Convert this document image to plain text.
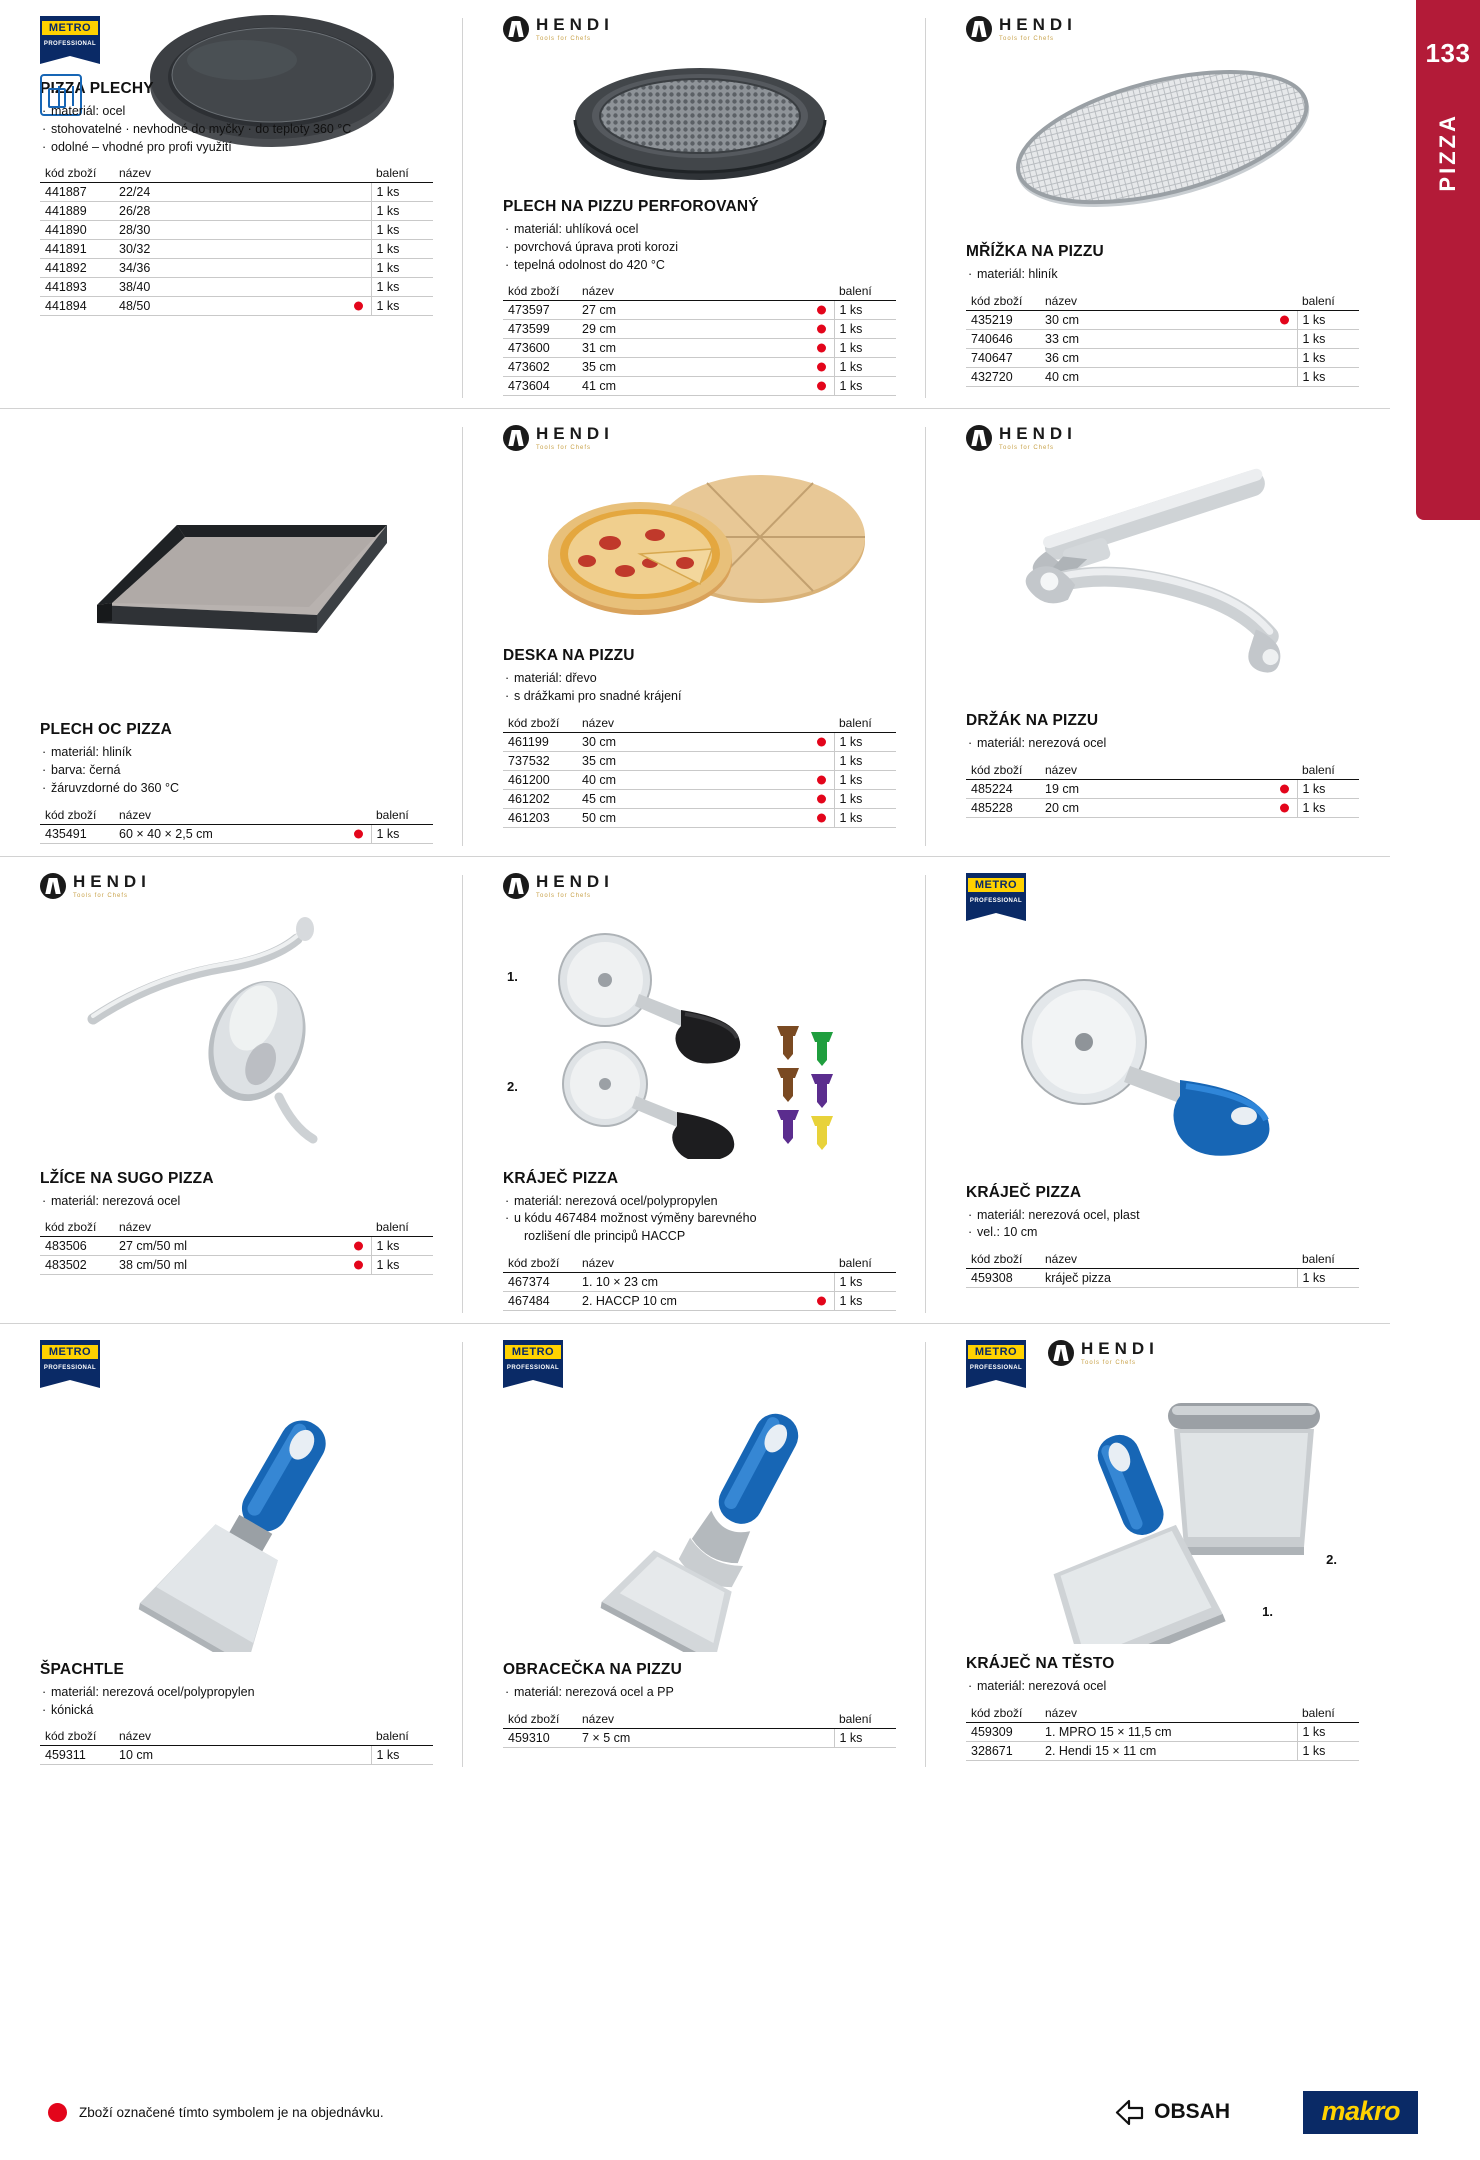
133
PIZZA
METRO
PROFESSIONAL
PIZZA PLECHY
· materiál: ocel
· stohovatelné · nevhodné do myčky · do teploty 360 °C
· odolné – vhodné pro profi využití
kód zboží	název	balení
441887	22/24	1 ks
441889	26/28	1 ks
441890	28/30	1 ks
441891	30/32	1 ks
441892	34/36	1 ks
441893	38/40	1 ks
441894	48/50	1 ks
HENDI
Tools for Chefs
PLECH NA PIZZU PERFOROVANÝ
· materiál: uhlíková ocel
· povrchová úprava proti korozi
· tepelná odolnost do 420 °C
kód zboží	název	balení
473597	27 cm	1 ks
473599	29 cm	1 ks
473600	31 cm	1 ks
473602	35 cm	1 ks
473604	41 cm	1 ks
HENDI
Tools for Chefs
MŘÍŽKA NA PIZZU
· materiál: hliník
kód zboží	název	balení
435219	30 cm	1 ks
740646	33 cm	1 ks
740647	36 cm	1 ks
432720	40 cm	1 ks
PLECH OC PIZZA
· materiál: hliník
· barva: černá
· žáruvzdorné do 360 °C
kód zboží	název	balení
435491	60 × 40 × 2,5 cm	1 ks
HENDI
Tools for Chefs
DESKA NA PIZZU
· materiál: dřevo
· s drážkami pro snadné krájení
kód zboží	název	balení
461199	30 cm	1 ks
737532	35 cm	1 ks
461200	40 cm	1 ks
461202	45 cm	1 ks
461203	50 cm	1 ks
HENDI
Tools for Chefs
DRŽÁK NA PIZZU
· materiál: nerezová ocel
kód zboží	název	balení
485224	19 cm	1 ks
485228	20 cm	1 ks
HENDI
Tools for Chefs
LŽÍCE NA SUGO PIZZA
· materiál: nerezová ocel
kód zboží	název	balení
483506	27 cm/50 ml	1 ks
483502	38 cm/50 ml	1 ks
HENDI
Tools for Chefs
1.
2.
KRÁJEČ PIZZA
· materiál: nerezová ocel/polypropylen
· u kódu 467484 možnost výměny barevného
rozlišení dle principů HACCP
kód zboží	název	balení
467374	1. 10 × 23 cm	1 ks
467484	2. HACCP 10 cm	1 ks
METRO
PROFESSIONAL
KRÁJEČ PIZZA
· materiál: nerezová ocel, plast
· vel.: 10 cm
kód zboží	název	balení
459308	kráječ pizza	1 ks
METRO
PROFESSIONAL
ŠPACHTLE
· materiál: nerezová ocel/polypropylen
· kónická
kód zboží	název	balení
459311	10 cm	1 ks
METRO
PROFESSIONAL
OBRACEČKA NA PIZZU
· materiál: nerezová ocel a PP
kód zboží	název	balení
459310	7 × 5 cm	1 ks
METRO
PROFESSIONAL
HENDI
Tools for Chefs
1.
2.
KRÁJEČ NA TĚSTO
· materiál: nerezová ocel
kód zboží	název	balení
459309	1. MPRO 15 × 11,5 cm	1 ks
328671	2. Hendi 15 × 11 cm	1 ks
Zboží označené tímto symbolem je na objednávku.	OBSAH	makro
